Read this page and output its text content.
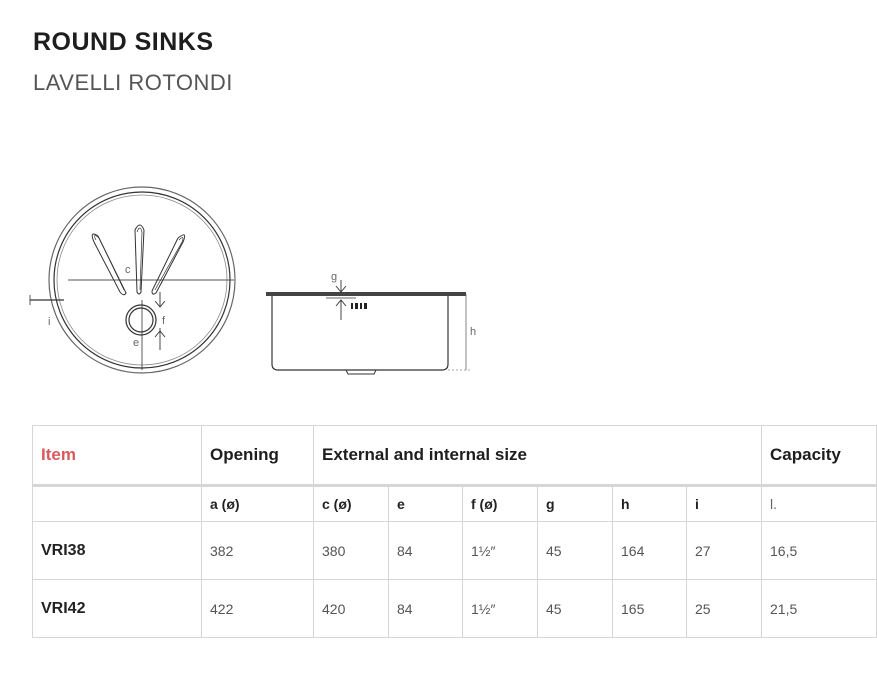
ROUND SINKS
LAVELLI ROTONDI
c
f
e
i
g
h
Item	Opening	External and internal size						Capacity
	a (ø)	c (ø)	e	f (ø)	g	h	i	l.
VRI38	382	380	84	1½″	45	164	27	16,5
VRI42	422	420	84	1½″	45	165	25	21,5
